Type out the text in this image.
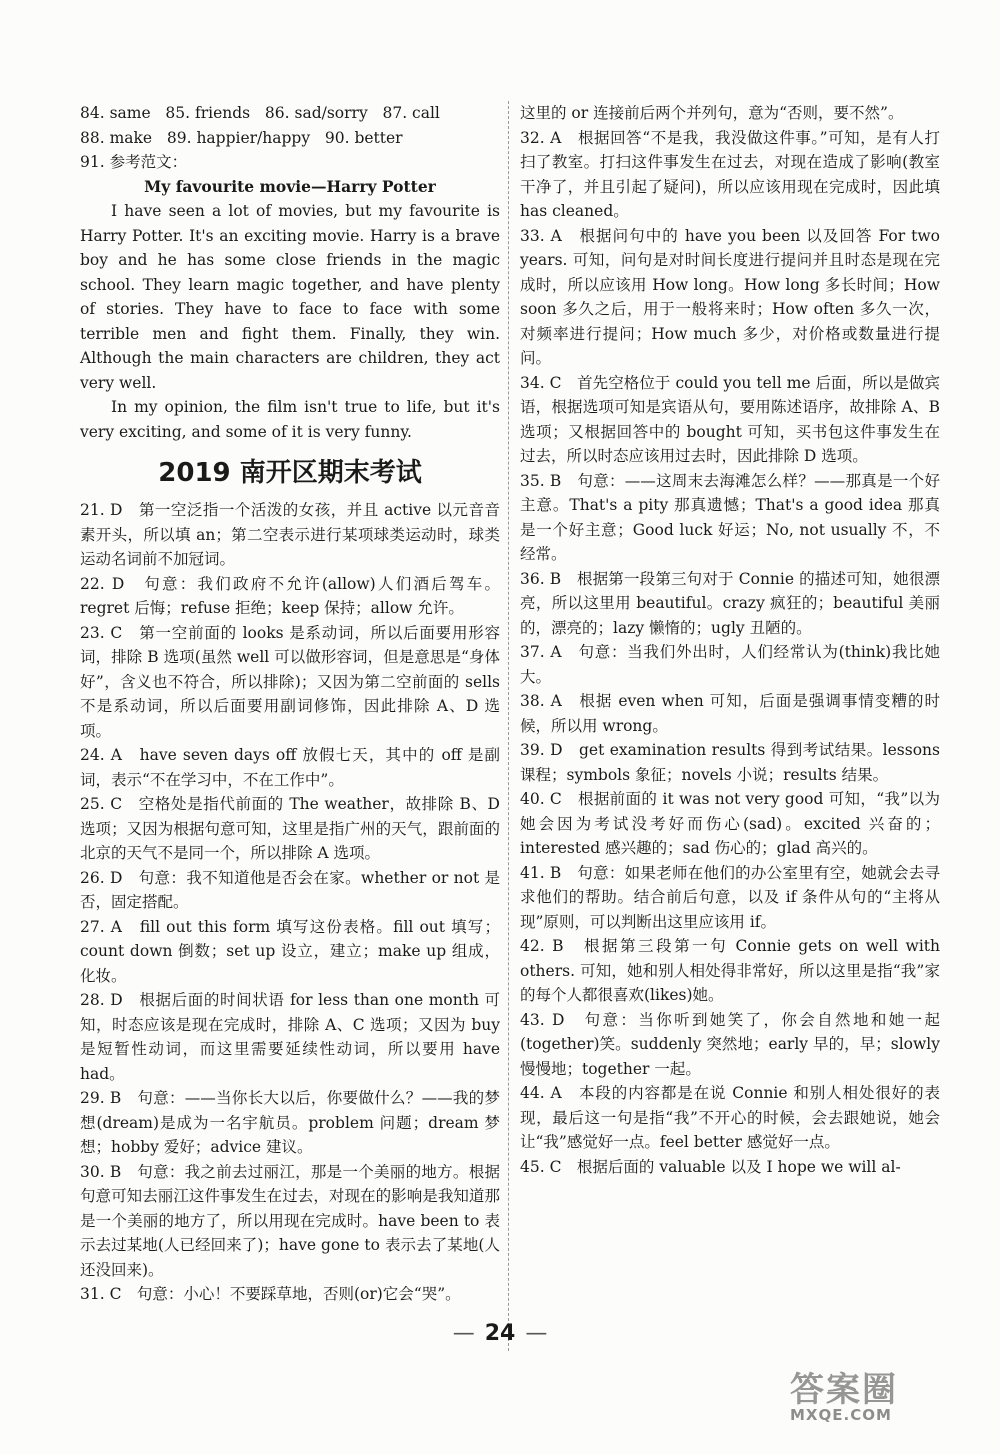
84. same   85. friends   86. sad/sorry   87. call

88. make   89. happier/happy   90. better

91. 参考范文：

My favourite movie—Harry Potter

I have seen a lot of movies, but my favourite is Harry Potter. It's an exciting movie. Harry is a brave boy and he has some close friends in the magic school. They learn magic together, and have plenty of stories. They have to face to face with some terrible men and fight them. Finally, they win. Although the main characters are children, they act very well.

In my opinion, the film isn't true to life, but it's very exciting, and some of it is very funny.

2019 南开区期末考试

21. D　第一空泛指一个活泼的女孩，并且 active 以元音音素开头，所以填 an；第二空表示进行某项球类运动时，球类运动名词前不加冠词。

22. D　句意：我们政府不允许(allow)人们酒后驾车。regret 后悔；refuse 拒绝；keep 保持；allow 允许。

23. C　第一空前面的 looks 是系动词，所以后面要用形容词，排除 B 选项(虽然 well 可以做形容词，但是意思是“身体好”，含义也不符合，所以排除)；又因为第二空前面的 sells 不是系动词，所以后面要用副词修饰，因此排除 A、D 选项。

24. A　have seven days off 放假七天，其中的 off 是副词，表示“不在学习中，不在工作中”。

25. C　空格处是指代前面的 The weather，故排除 B、D 选项；又因为根据句意可知，这里是指广州的天气，跟前面的北京的天气不是同一个，所以排除 A 选项。

26. D　句意：我不知道他是否会在家。whether or not 是否，固定搭配。

27. A　fill out this form 填写这份表格。fill out 填写；count down 倒数；set up 设立，建立；make up 组成，化妆。

28. D　根据后面的时间状语 for less than one month 可知，时态应该是现在完成时，排除 A、C 选项；又因为 buy 是短暂性动词，而这里需要延续性动词，所以要用 have had。

29. B　句意：——当你长大以后，你要做什么？——我的梦想(dream)是成为一名宇航员。problem 问题；dream 梦想；hobby 爱好；advice 建议。

30. B　句意：我之前去过丽江，那是一个美丽的地方。根据句意可知去丽江这件事发生在过去，对现在的影响是我知道那是一个美丽的地方了，所以用现在完成时。have been to 表示去过某地(人已经回来了)；have gone to 表示去了某地(人还没回来)。

31. C　句意：小心！不要踩草地，否则(or)它会“哭”。

这里的 or 连接前后两个并列句，意为“否则，要不然”。

32. A　根据回答“不是我，我没做这件事。”可知，是有人打扫了教室。打扫这件事发生在过去，对现在造成了影响(教室干净了，并且引起了疑问)，所以应该用现在完成时，因此填 has cleaned。

33. A　根据问句中的 have you been 以及回答 For two years. 可知，问句是对时间长度进行提问并且时态是现在完成时，所以应该用 How long。How long 多长时间；How soon 多久之后，用于一般将来时；How often 多久一次，对频率进行提问；How much 多少，对价格或数量进行提问。

34. C　首先空格位于 could you tell me 后面，所以是做宾语，根据选项可知是宾语从句，要用陈述语序，故排除 A、B 选项；又根据回答中的 bought 可知，买书包这件事发生在过去，所以时态应该用过去时，因此排除 D 选项。

35. B　句意：——这周末去海滩怎么样？——那真是一个好主意。That's a pity 那真遗憾；That's a good idea 那真是一个好主意；Good luck 好运；No, not usually 不，不经常。

36. B　根据第一段第三句对于 Connie 的描述可知，她很漂亮，所以这里用 beautiful。crazy 疯狂的；beautiful 美丽的，漂亮的；lazy 懒惰的；ugly 丑陋的。

37. A　句意：当我们外出时，人们经常认为(think)我比她大。

38. A　根据 even when 可知，后面是强调事情变糟的时候，所以用 wrong。

39. D　get examination results 得到考试结果。lessons 课程；symbols 象征；novels 小说；results 结果。

40. C　根据前面的 it was not very good 可知，“我”以为她会因为考试没考好而伤心(sad)。excited 兴奋的；interested 感兴趣的；sad 伤心的；glad 高兴的。

41. B　句意：如果老师在他们的办公室里有空，她就会去寻求他们的帮助。结合前后句意，以及 if 条件从句的“主将从现”原则，可以判断出这里应该用 if。

42. B　根据第三段第一句 Connie gets on well with others. 可知，她和别人相处得非常好，所以这里是指“我”家的每个人都很喜欢(likes)她。

43. D　句意：当你听到她笑了，你会自然地和她一起(together)笑。suddenly 突然地；early 早的，早；slowly 慢慢地；together 一起。

44. A　本段的内容都是在说 Connie 和别人相处很好的表现，最后这一句是指“我”不开心的时候，会去跟她说，她会让“我”感觉好一点。feel better 感觉好一点。

45. C　根据后面的 valuable 以及 I hope we will al-

— 24 —
答案圈
MXQE.COM
